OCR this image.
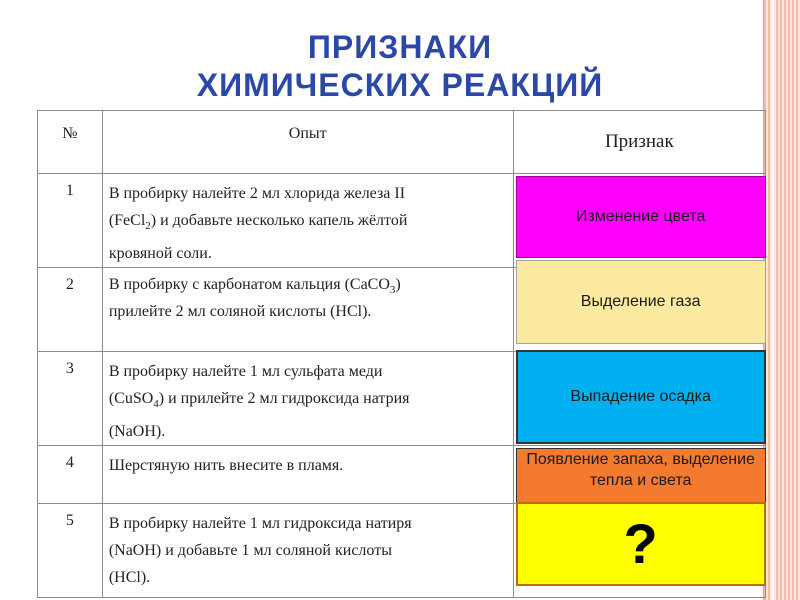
ПРИЗНАКИ
ХИМИЧЕСКИХ РЕАКЦИЙ
№	Опыт	Признак
1	В пробирку налейте 2 мл хлорида железа II
(FeCl$_2$) и добавьте несколько капель жёлтой
кровяной соли.	Изменение цвета

2	В пробирку с карбонатом кальция (CaCO$_3$)
прилейте 2 мл соляной кислоты (HCl).	Выделение газа

3	В пробирку налейте 1 мл сульфата меди
(CuSO$_4$) и прилейте 2 мл гидроксида натрия
(NaOH).	Выпадение осадка

4	Шерстяную нить внесите в пламя.	Появление запаха, выделение тепла и света

5	В пробирку налейте 1 мл гидроксида натиря
(NaOH) и добавьте 1 мл соляной кислоты
(HCl).	?
